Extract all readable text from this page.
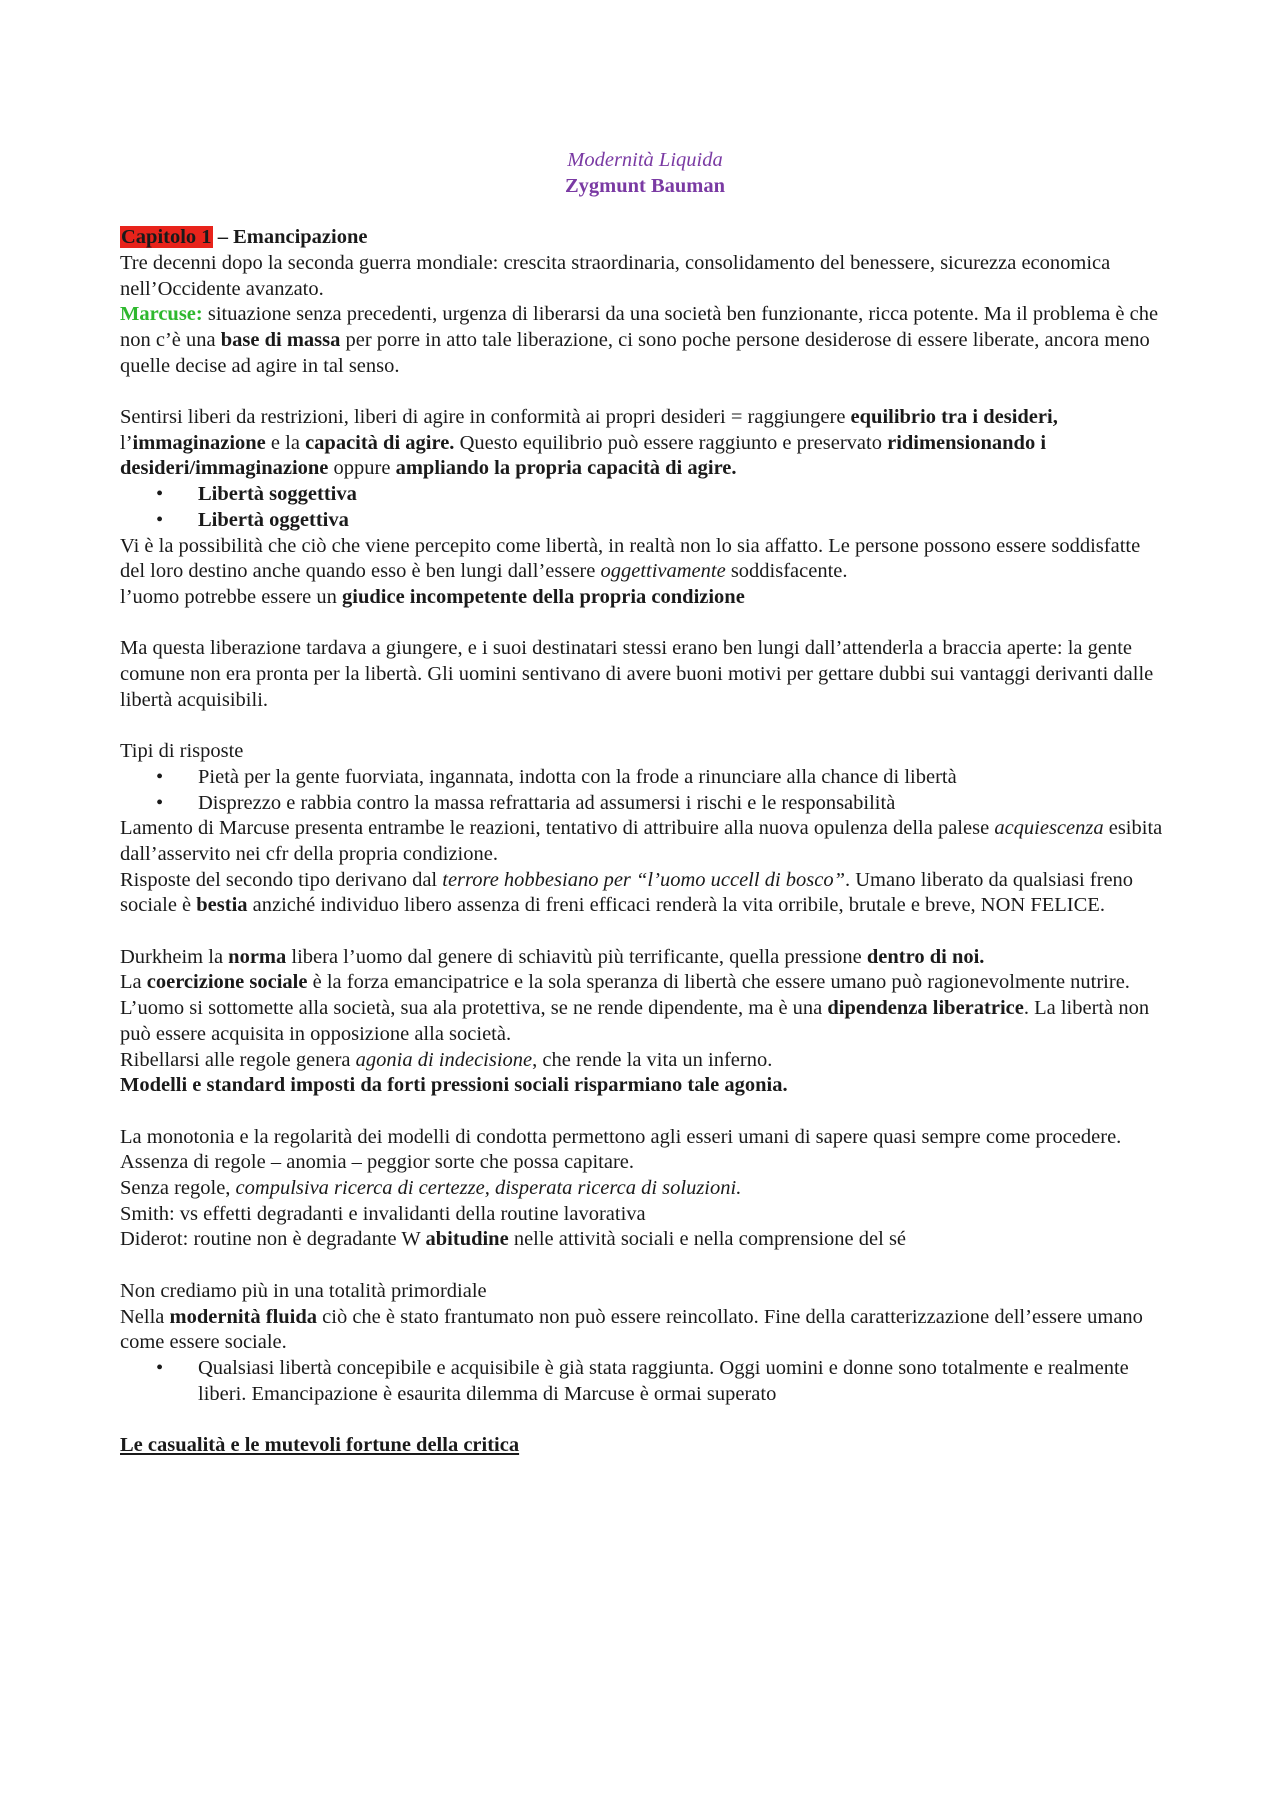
Modernità Liquida

Zygmunt Bauman

Capitolo 1 – Emancipazione

Tre decenni dopo la seconda guerra mondiale: crescita straordinaria, consolidamento del benessere, sicurezza economica nell’Occidente avanzato.

Marcuse: situazione senza precedenti, urgenza di liberarsi da una società ben funzionante, ricca potente. Ma il problema è che non c’è una base di massa per porre in atto tale liberazione, ci sono poche persone desiderose di essere liberate, ancora meno quelle decise ad agire in tal senso.

Sentirsi liberi da restrizioni, liberi di agire in conformità ai propri desideri = raggiungere equilibrio tra i desideri, l’immaginazione e la capacità di agire. Questo equilibrio può essere raggiunto e preservato ridimensionando i desideri/immaginazione oppure ampliando la propria capacità di agire.

• Libertà soggettiva
• Libertà oggettiva

Vi è la possibilità che ciò che viene percepito come libertà, in realtà non lo sia affatto. Le persone possono essere soddisfatte del loro destino anche quando esso è ben lungi dall’essere oggettivamente soddisfacente.

l’uomo potrebbe essere un giudice incompetente della propria condizione

Ma questa liberazione tardava a giungere, e i suoi destinatari stessi erano ben lungi dall’attenderla a braccia aperte: la gente comune non era pronta per la libertà. Gli uomini sentivano di avere buoni motivi per gettare dubbi sui vantaggi derivanti dalle libertà acquisibili.

Tipi di risposte

• Pietà per la gente fuorviata, ingannata, indotta con la frode a rinunciare alla chance di libertà
• Disprezzo e rabbia contro la massa refrattaria ad assumersi i rischi e le responsabilità

Lamento di Marcuse presenta entrambe le reazioni, tentativo di attribuire alla nuova opulenza della palese acquiescenza esibita dall’asservito nei cfr della propria condizione.

Risposte del secondo tipo derivano dal terrore hobbesiano per “l’uomo uccell di bosco”. Umano liberato da qualsiasi freno sociale è bestia anziché individuo libero assenza di freni efficaci renderà la vita orribile, brutale e breve, NON FELICE.

Durkheim la norma libera l’uomo dal genere di schiavitù più terrificante, quella pressione dentro di noi.

La coercizione sociale è la forza emancipatrice e la sola speranza di libertà che essere umano può ragionevolmente nutrire.

L’uomo si sottomette alla società, sua ala protettiva, se ne rende dipendente, ma è una dipendenza liberatrice. La libertà non può essere acquisita in opposizione alla società.

Ribellarsi alle regole genera agonia di indecisione, che rende la vita un inferno.

Modelli e standard imposti da forti pressioni sociali risparmiano tale agonia.

La monotonia e la regolarità dei modelli di condotta permettono agli esseri umani di sapere quasi sempre come procedere.

Assenza di regole – anomia – peggior sorte che possa capitare.

Senza regole, compulsiva ricerca di certezze, disperata ricerca di soluzioni.

Smith: vs effetti degradanti e invalidanti della routine lavorativa

Diderot: routine non è degradante W abitudine nelle attività sociali e nella comprensione del sé

Non crediamo più in una totalità primordiale

Nella modernità fluida ciò che è stato frantumato non può essere reincollato. Fine della caratterizzazione dell’essere umano come essere sociale.

• Qualsiasi libertà concepibile e acquisibile è già stata raggiunta. Oggi uomini e donne sono totalmente e realmente liberi. Emancipazione è esaurita dilemma di Marcuse è ormai superato

Le casualità e le mutevoli fortune della critica
